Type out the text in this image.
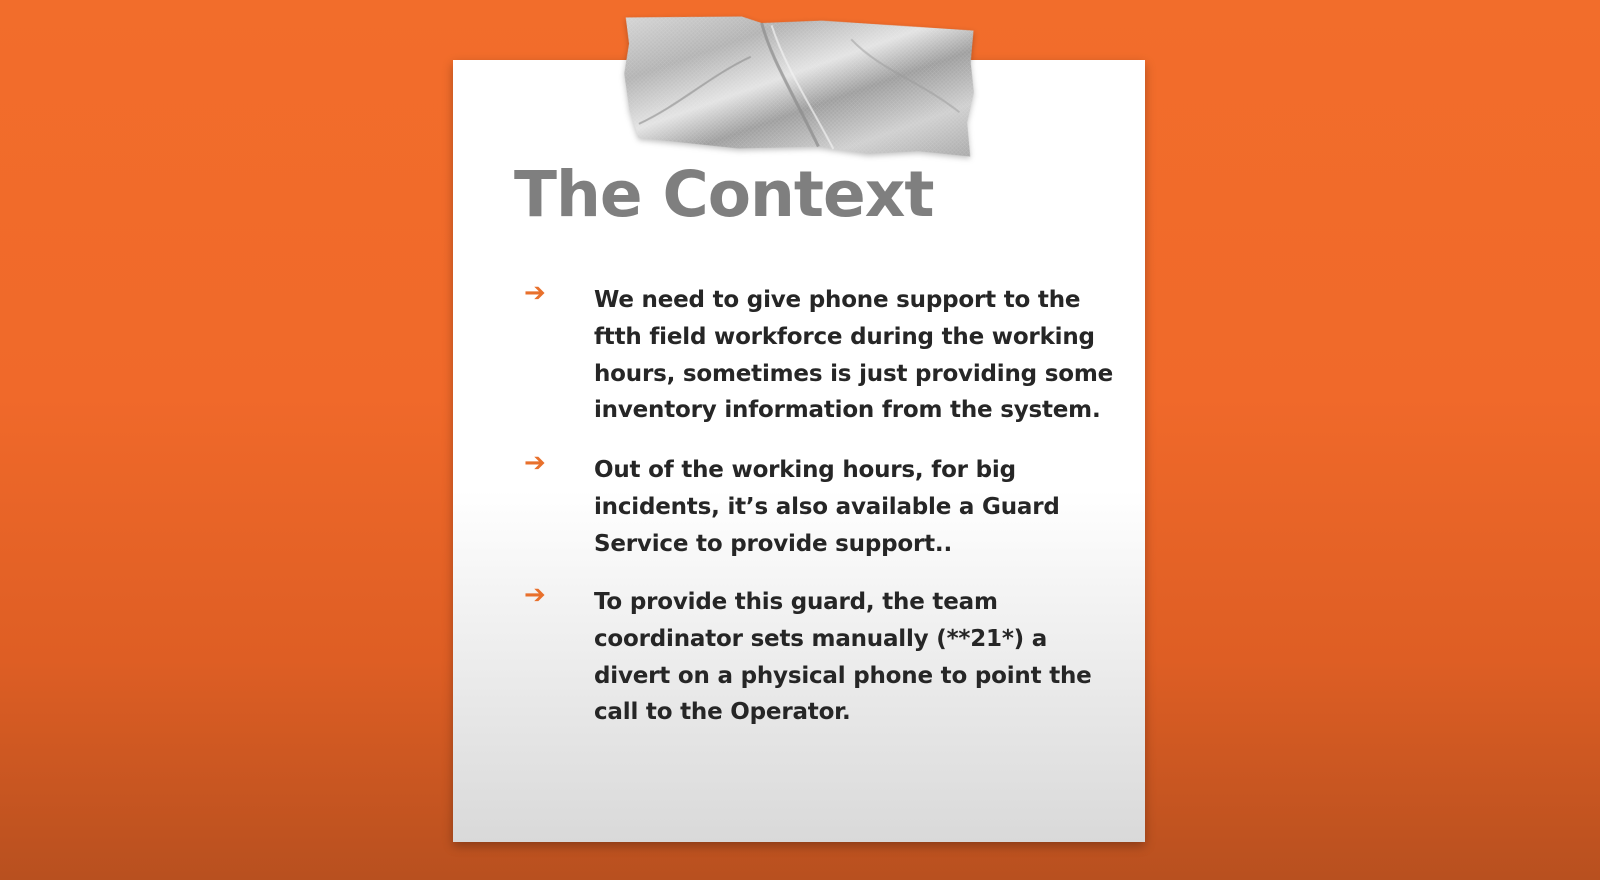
The Context
➔ We need to give phone support to the ftth field workforce during the working hours, sometimes is just providing some inventory information from the system.

➔ Out of the working hours, for big incidents, it’s also available a Guard Service to provide support..

➔ To provide this guard, the team coordinator sets manually (**21*) a divert on a physical phone to point the call to the Operator.
